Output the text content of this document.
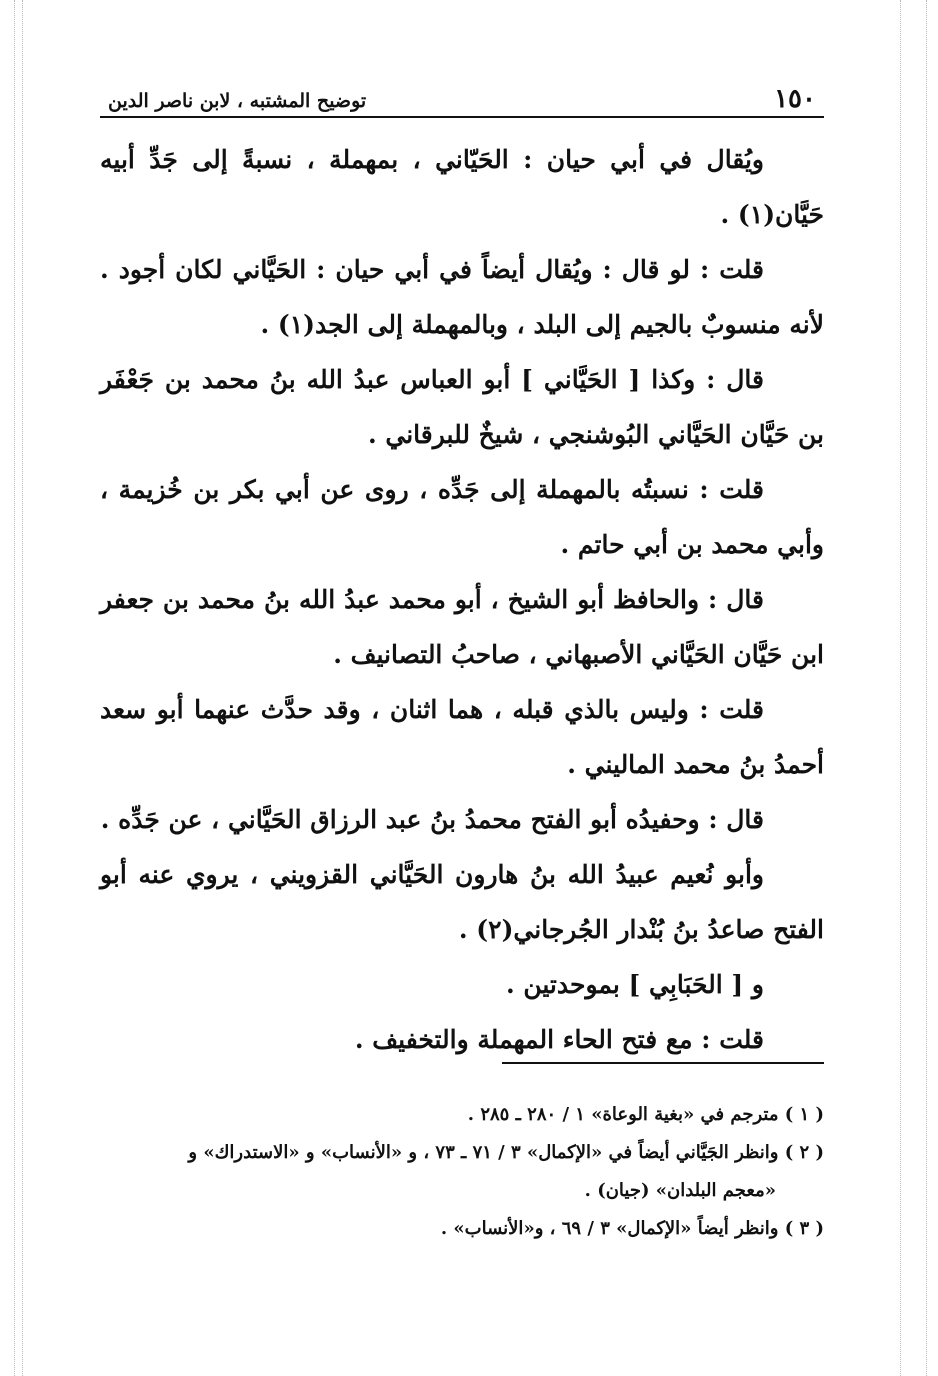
١٥٠
توضيح المشتبه ، لابن ناصر الدين

ويُقال في أبي حيان : الحَيّاني ، بمهملة ، نسبةً إلى جَدِّ أبيه حَيَّان(١) .

قلت : لو قال : ويُقال أيضاً في أبي حيان : الحَيَّاني لكان أجود . لأنه منسوبٌ بالجيم إلى البلد ، وبالمهملة إلى الجد(١) .

قال : وكذا [ الحَيَّاني ] أبو العباس عبدُ الله بنُ محمد بن جَعْفَر بن حَيَّان الحَيَّاني البُوشنجي ، شيخٌ للبرقاني .

قلت : نسبتُه بالمهملة إلى جَدِّه ، روى عن أبي بكر بن خُزيمة ، وأبي محمد بن أبي حاتم .

قال : والحافظ أبو الشيخ ، أبو محمد عبدُ الله بنُ محمد بن جعفر ابن حَيَّان الحَيَّاني الأصبهاني ، صاحبُ التصانيف .

قلت : وليس بالذي قبله ، هما اثنان ، وقد حدَّث عنهما أبو سعد أحمدُ بنُ محمد الماليني .

قال : وحفيدُه أبو الفتح محمدُ بنُ عبد الرزاق الحَيَّاني ، عن جَدِّه .

وأبو نُعيم عبيدُ الله بنُ هارون الحَيَّاني القزويني ، يروي عنه أبو الفتح صاعدُ بنُ بُنْدار الجُرجاني(٢) .

و [ الحَبَابِي ] بموحدتين .

قلت : مع فتح الحاء المهملة والتخفيف .

( ١ ) مترجم في «بغية الوعاة» ١ / ٢٨٠ ـ ٢٨٥ .

( ٢ ) وانظر الجَيَّاني أيضاً في «الإكمال» ٣ / ٧١ ـ ٧٣ ، و «الأنساب» و «الاستدراك» و

«معجم البلدان» (جيان) .

( ٣ ) وانظر أيضاً «الإكمال» ٣ / ٦٩ ، و«الأنساب» .
